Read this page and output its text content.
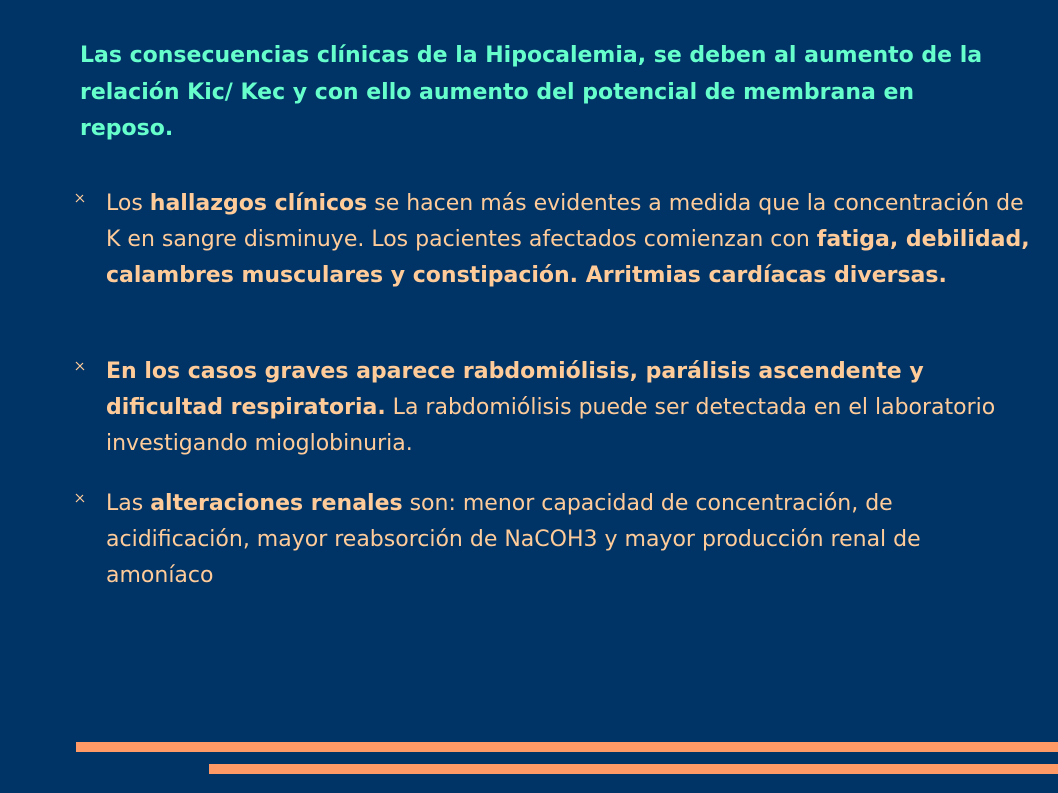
Las consecuencias clínicas de la Hipocalemia, se deben al aumento de la relación Kic/ Kec y con ello aumento del potencial de membrana en reposo.
Los hallazgos clínicos se hacen más evidentes a medida que la concentración de K en sangre disminuye. Los pacientes afectados comienzan con fatiga, debilidad, calambres musculares y constipación. Arritmias cardíacas diversas.
En los casos graves aparece rabdomiólisis, parálisis ascendente y dificultad respiratoria. La rabdomiólisis puede ser detectada en el laboratorio investigando mioglobinuria.
Las alteraciones renales son: menor capacidad de concentración, de acidificación, mayor reabsorción de NaCOH3 y mayor producción renal de amoníaco
